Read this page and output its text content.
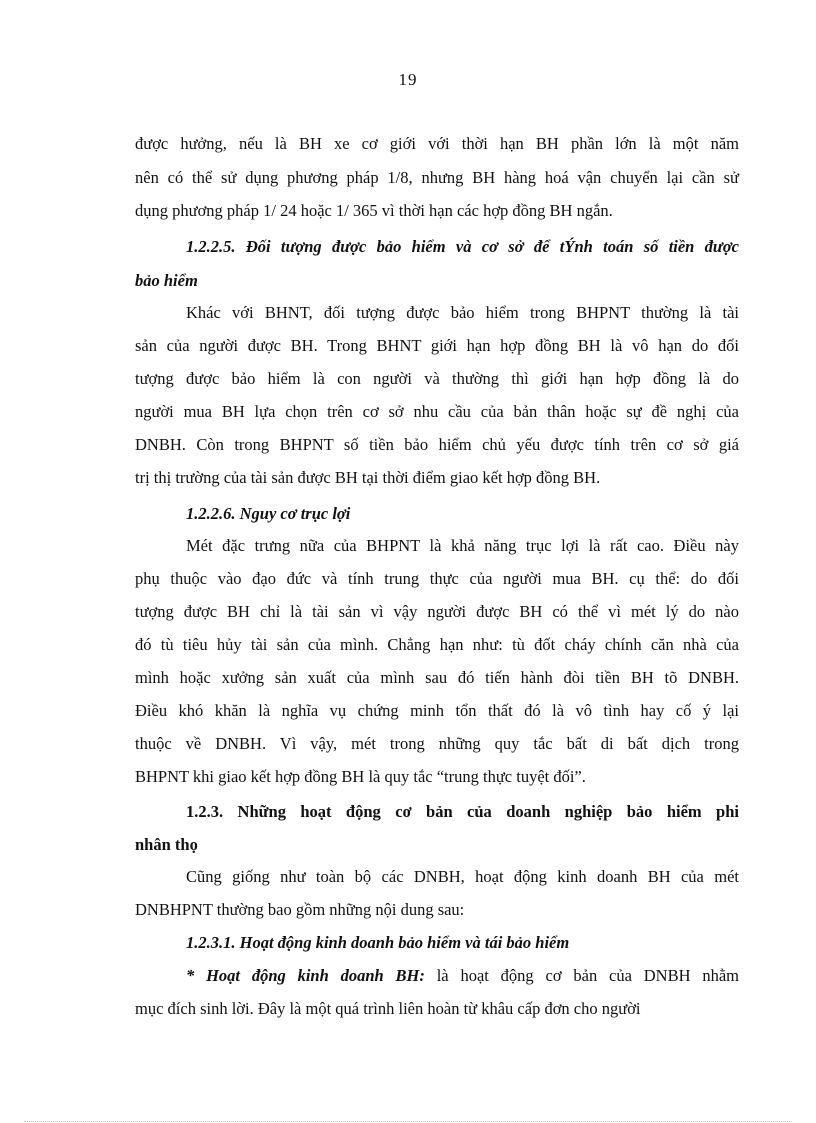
19
được hưởng, nếu là BH xe cơ giới với thời hạn BH phần lớn là một năm
nên có thể sử dụng phương pháp 1/8, nhưng BH hàng hoá vận chuyển lại cần sử
dụng phương pháp 1/ 24 hoặc 1/ 365 vì thời hạn các hợp đồng BH ngắn.
1.2.2.5. Đối tượng được bảo hiểm và cơ sở để tÝnh toán số tiền được
bảo hiểm
Khác với BHNT, đối tượng được bảo hiểm trong BHPNT thường là tài
sản của người được BH. Trong BHNT giới hạn hợp đồng BH là vô hạn do đối
tượng được bảo hiểm là con người và thường thì giới hạn hợp đồng là do
người mua BH lựa chọn trên cơ sở nhu cầu của bản thân hoặc sự đề nghị của
DNBH. Còn trong BHPNT số tiền bảo hiểm chủ yếu được tính trên cơ sở giá
trị thị trường của tài sản được BH tại thời điểm giao kết hợp đồng BH.
1.2.2.6. Nguy cơ trục lợi
Mét đặc trưng nữa của BHPNT là khả năng trục lợi là rất cao. Điều này
phụ thuộc vào đạo đức và tính trung thực của người mua BH. cụ thể: do đối
tượng được BH chỉ là tài sản vì vậy người được BH có thể vì mét lý do nào
đó tù tiêu hủy tài sản của mình. Chẳng hạn như: tù đốt cháy chính căn nhà của
mình hoặc xưởng sản xuất của mình sau đó tiến hành đòi tiền BH tõ DNBH.
Điều khó khăn là nghĩa vụ chứng minh tổn thất đó là vô tình hay cố ý lại
thuộc về DNBH. Vì vậy, mét trong những quy tắc bất di bất dịch trong
BHPNT khi giao kết hợp đồng BH là quy tắc “trung thực tuyệt đối”.
1.2.3. Những hoạt động cơ bản của doanh nghiệp bảo hiểm phi
nhân thọ
Cũng giống như toàn bộ các DNBH, hoạt động kinh doanh BH của mét
DNBHPNT thường bao gồm những nội dung sau:
1.2.3.1. Hoạt động kinh doanh bảo hiểm và tái bảo hiểm
* Hoạt động kinh doanh BH: là hoạt động cơ bản của DNBH nhằm
mục đích sinh lời. Đây là một quá trình liên hoàn từ khâu cấp đơn cho người
